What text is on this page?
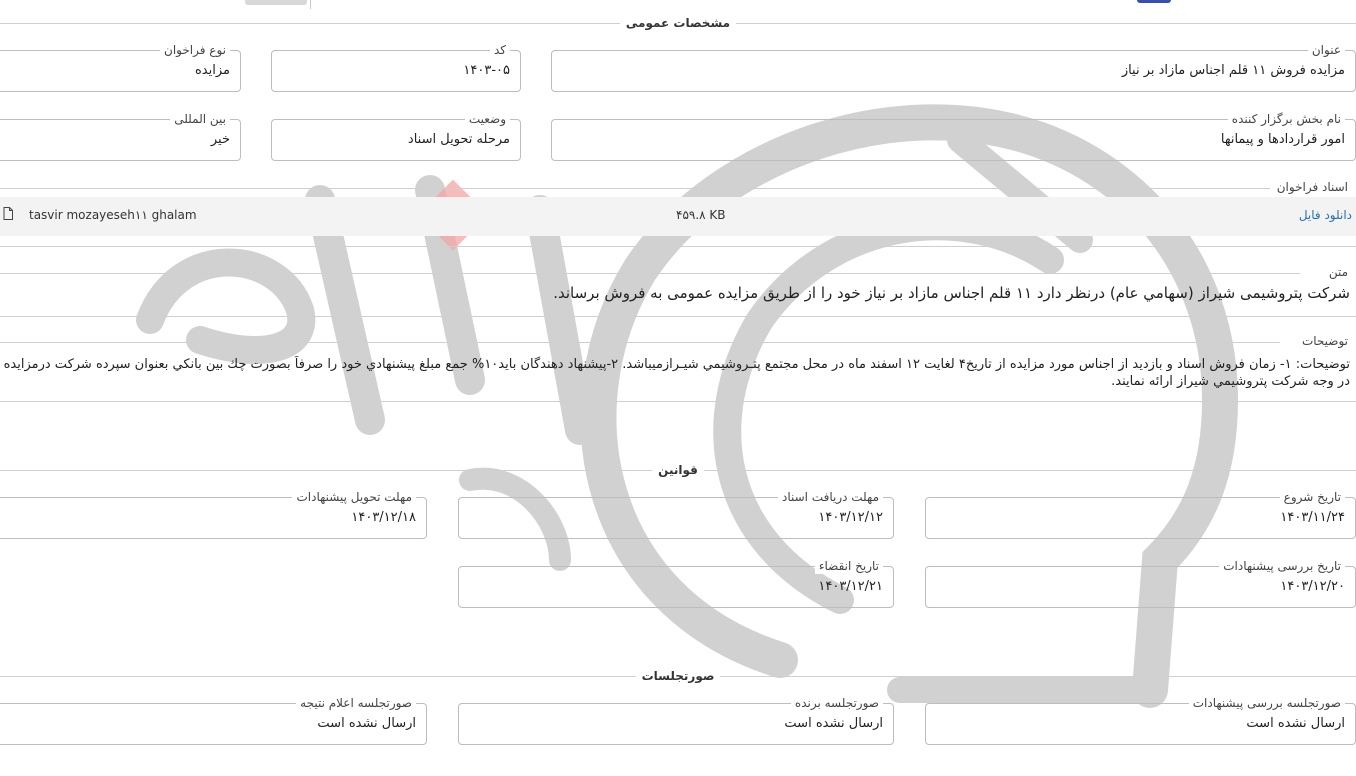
مشخصات عمومی
عنوان
مزایده فروش ۱۱ قلم اجناس مازاد بر نیاز
کد
۱۴۰۳-۰۵
نوع فراخوان
مزایده
نام بخش برگزار کننده
امور قراردادها و پیمانها
وضعیت
مرحله تحویل اسناد
بین المللی
خیر
اسناد فراخوان
دانلود فایل
۴۵۹.۸ KB
tasvir mozayeseh۱۱ ghalam
متن
شرکت پتروشیمی شیراز (سهامي عام) درنظر دارد ۱۱ قلم اجناس مازاد بر نیاز خود را از طریق مزایده عمومی به فروش برساند.
توضیحات
توضيحات: ۱- زمان فروش اسناد و بازدید از اجناس مورد مزایده از تاریخ۴ لغايت ۱۲ اسفند ماه در محل مجتمع پتـروشيمي شيـرازميباشد. ۲-پیشنهاد دهندگان بايد۱۰% جمع مبلغ پیشنهادي خود را صرفاً بصورت چك بين بانكي بعنوان سپرده شركت درمزايده در وجه شركت پتروشيمي شيراز ارائه نمايند.
قوانین
تاریخ شروع
۱۴۰۳/۱۱/۲۴
مهلت دریافت اسناد
۱۴۰۳/۱۲/۱۲
مهلت تحویل پیشنهادات
۱۴۰۳/۱۲/۱۸
تاریخ بررسی پیشنهادات
۱۴۰۳/۱۲/۲۰
تاریخ انقضاء
۱۴۰۳/۱۲/۲۱
صورتجلسات
صورتجلسه بررسی پیشنهادات
ارسال نشده است
صورتجلسه برنده
ارسال نشده است
صورتجلسه اعلام نتیجه
ارسال نشده است
